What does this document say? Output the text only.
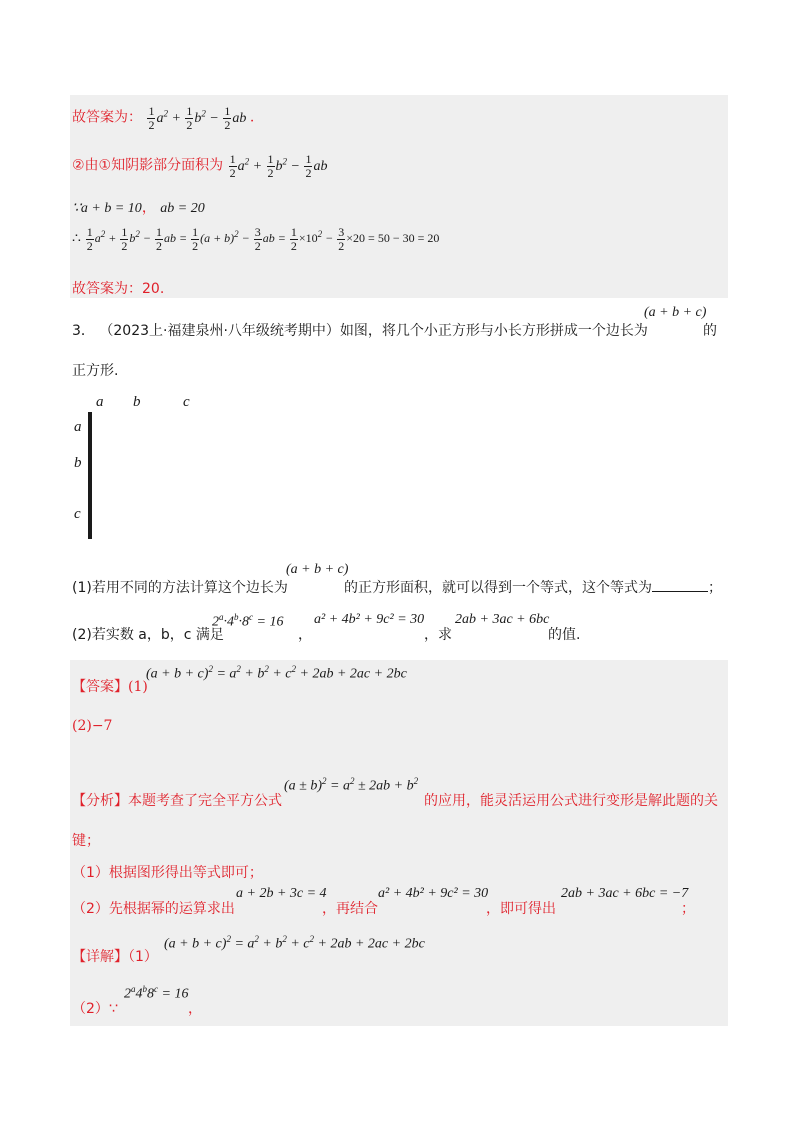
故答案为： $\frac{1}{2} a^2 + \frac{1}{2} b^2 - \frac{1}{2}$ ab .
②由①知阴影部分面积为 $\frac{1}{2} a^2 + \frac{1}{2} b^2 - \frac{1}{2}$ ab
∵a + b = 10， ab = 20
∴ $\frac{1}{2} a^2 + \frac{1}{2} b^2 - \frac{1}{2}$ ab = $\frac{1}{2} (a + b)^2 - \frac{3}{2}$ ab = $\frac{1}{2} \times 10^2 - \frac{3}{2} \times 20 = 50 - 30 = 20$
故答案为：20.
3． （2023上·福建泉州·八年级统考期中）如图，将几个小正方形与小长方形拼成一个边长为
(a + b + c)
的
正方形.
a b	c
a
b
c

(a + b + c)
(1)若用不同的方法计算这个边长为	的正方形面积，就可以得到一个等式，这个等式为	；
(2)若实数 a，b，c 满足
$2^a\cdot 4^b\cdot 8^c = 16$
，
a² + 4b² + 9c² = 30
，求
2ab + 3ac + 6bc
的值.
【答案】(1)
$(a + b + c)^2 = a^2 + b^2 + c^2 + 2ab + 2ac + 2bc$
(2)−7
【分析】本题考查了完全平方公式
$(a \pm b)^2 = a^2 \pm 2ab + b^2$
的应用，能灵活运用公式进行变形是解此题的关
键；
（1）根据图形得出等式即可；
（2）先根据幂的运算求出
a + 2b + 3c = 4
，再结合
a² + 4b² + 9c² = 30
，即可得出
2ab + 3ac + 6bc = −7
；
【详解】（1）
$(a + b + c)^2 = a^2 + b^2 + c^2 + 2ab + 2ac + 2bc$
（2）∵
$2^a4^b8^c = 16$
，
